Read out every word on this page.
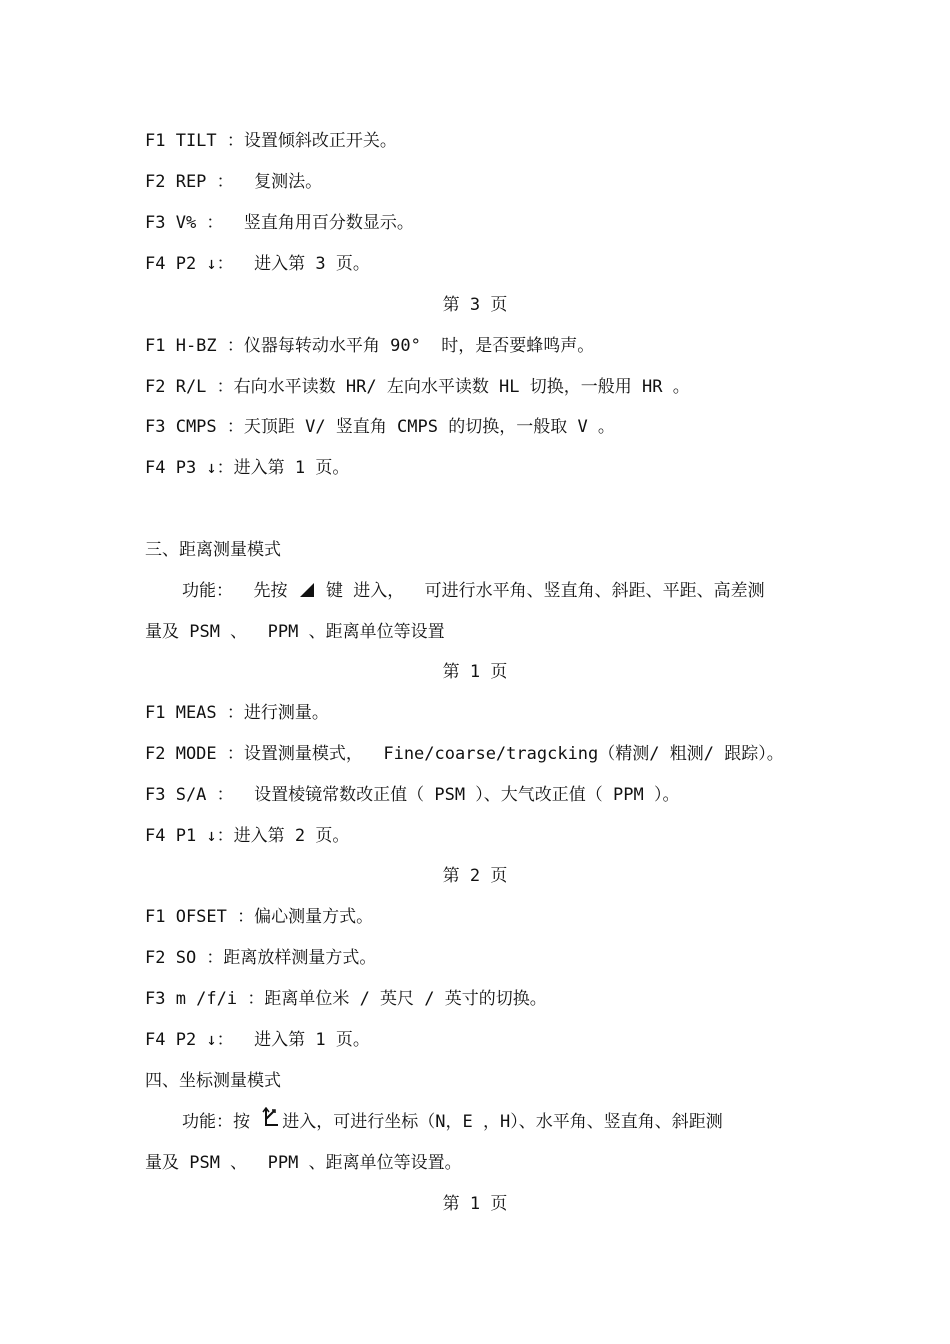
F1 TILT ：设置倾斜改正开关。
F2 REP ：  复测法。
F3 V% ：  竖直角用百分数显示。
F4 P2 ↓：  进入第 3 页。
第 3 页
F1 H-BZ ：仪器每转动水平角 90°  时，是否要蜂鸣声。
F2 R/L ：右向水平读数 HR/ 左向水平读数 HL 切换，一般用 HR 。
F3 CMPS ：天顶距 V/ 竖直角 CMPS 的切换，一般取 V 。
F4 P3 ↓：进入第 1 页。
三、距离测量模式
功能：  先按  键 进入，  可进行水平角、竖直角、斜距、平距、高差测
量及 PSM 、  PPM 、距离单位等设置
第 1 页
F1 MEAS ：进行测量。
F2 MODE ：设置测量模式，  Fine/coarse/tragcking（精测/ 粗测/ 跟踪）。
F3 S/A ：  设置棱镜常数改正值（ PSM ）、大气改正值（ PPM ）。
F4 P1 ↓：进入第 2 页。
第 2 页
F1 OFSET ：偏心测量方式。
F2 SO ：距离放样测量方式。
F3 m /f/i ：距离单位米 / 英尺 / 英寸的切换。
F4 P2 ↓：  进入第 1 页。
四、坐标测量模式
功能：按 进入，可进行坐标（N，E ，H）、水平角、竖直角、斜距测
量及 PSM 、  PPM 、距离单位等设置。
第 1 页
